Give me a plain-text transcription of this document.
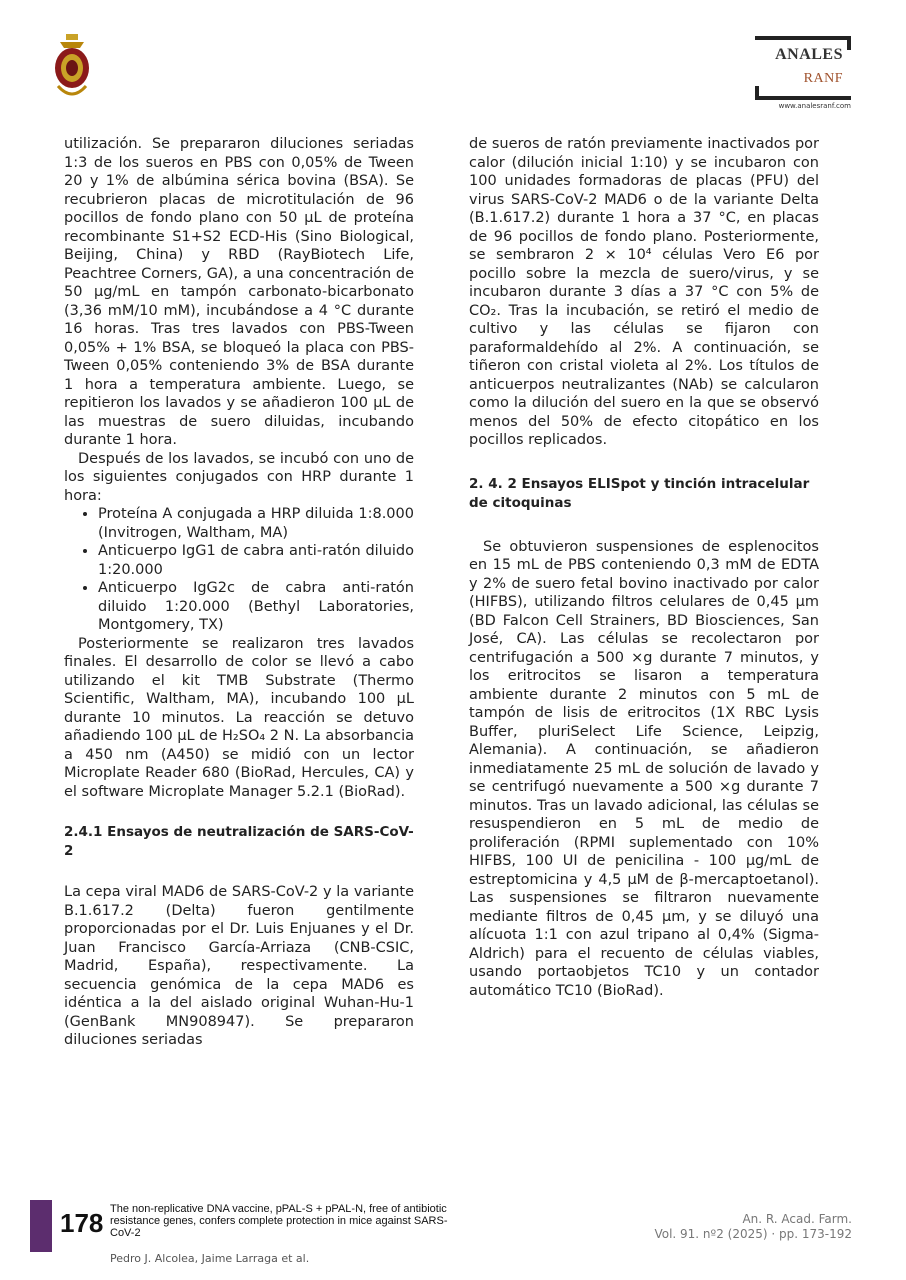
ANALES
RANF
www.analesranf.com

utilización. Se prepararon diluciones seriadas 1:3 de los sueros en PBS con 0,05% de Tween 20 y 1% de albúmina sérica bovina (BSA). Se recubrieron placas de microtitulación de 96 pocillos de fondo plano con 50 µL de proteína recombinante S1+S2 ECD-His (Sino Biological, Beijing, China) y RBD (RayBiotech Life, Peachtree Corners, GA), a una concentración de 50 µg/mL en tampón carbonato-bicarbonato (3,36 mM/10 mM), incubándose a 4 °C durante 16 horas. Tras tres lavados con PBS-Tween 0,05% + 1% BSA, se bloqueó la placa con PBS-Tween 0,05% conteniendo 3% de BSA durante 1 hora a temperatura ambiente. Luego, se repitieron los lavados y se añadieron 100 µL de las muestras de suero diluidas, incubando durante 1 hora.

Después de los lavados, se incubó con uno de los siguientes conjugados con HRP durante 1 hora:

• Proteína A conjugada a HRP diluida 1:8.000 (Invitrogen, Waltham, MA)
• Anticuerpo IgG1 de cabra anti-ratón diluido 1:20.000
• Anticuerpo IgG2c de cabra anti-ratón diluido 1:20.000 (Bethyl Laboratories, Montgomery, TX)

Posteriormente se realizaron tres lavados finales. El desarrollo de color se llevó a cabo utilizando el kit TMB Substrate (Thermo Scientific, Waltham, MA), incubando 100 µL durante 10 minutos. La reacción se detuvo añadiendo 100 µL de H₂SO₄ 2 N. La absorbancia a 450 nm (A450) se midió con un lector Microplate Reader 680 (BioRad, Hercules, CA) y el software Microplate Manager 5.2.1 (BioRad).

2.4.1 Ensayos de neutralización de SARS-CoV-2

La cepa viral MAD6 de SARS-CoV-2 y la variante B.1.617.2 (Delta) fueron gentilmente proporcionadas por el Dr. Luis Enjuanes y el Dr. Juan Francisco García-Arriaza (CNB-CSIC, Madrid, España), respectivamente. La secuencia genómica de la cepa MAD6 es idéntica a la del aislado original Wuhan-Hu-1 (GenBank MN908947). Se prepararon diluciones seriadas

de sueros de ratón previamente inactivados por calor (dilución inicial 1:10) y se incubaron con 100 unidades formadoras de placas (PFU) del virus SARS-CoV-2 MAD6 o de la variante Delta (B.1.617.2) durante 1 hora a 37 °C, en placas de 96 pocillos de fondo plano. Posteriormente, se sembraron 2 × 10⁴ células Vero E6 por pocillo sobre la mezcla de suero/virus, y se incubaron durante 3 días a 37 °C con 5% de CO₂. Tras la incubación, se retiró el medio de cultivo y las células se fijaron con paraformaldehído al 2%. A continuación, se tiñeron con cristal violeta al 2%. Los títulos de anticuerpos neutralizantes (NAb) se calcularon como la dilución del suero en la que se observó menos del 50% de efecto citopático en los pocillos replicados.

2. 4. 2 Ensayos ELISpot y tinción intracelular de citoquinas

Se obtuvieron suspensiones de esplenocitos en 15 mL de PBS conteniendo 0,3 mM de EDTA y 2% de suero fetal bovino inactivado por calor (HIFBS), utilizando filtros celulares de 0,45 µm (BD Falcon Cell Strainers, BD Biosciences, San José, CA). Las células se recolectaron por centrifugación a 500 ×g durante 7 minutos, y los eritrocitos se lisaron a temperatura ambiente durante 2 minutos con 5 mL de tampón de lisis de eritrocitos (1X RBC Lysis Buffer, pluriSelect Life Science, Leipzig, Alemania). A continuación, se añadieron inmediatamente 25 mL de solución de lavado y se centrifugó nuevamente a 500 ×g durante 7 minutos. Tras un lavado adicional, las células se resuspendieron en 5 mL de medio de proliferación (RPMI suplementado con 10% HIFBS, 100 UI de penicilina - 100 µg/mL de estreptomicina y 4,5 µM de β-mercaptoetanol). Las suspensiones se filtraron nuevamente mediante filtros de 0,45 µm, y se diluyó una alícuota 1:1 con azul tripano al 0,4% (Sigma-Aldrich) para el recuento de células viables, usando portaobjetos TC10 y un contador automático TC10 (BioRad).

178 The non-replicative DNA vaccine, pPAL-S + pPAL-N, free of antibiotic resistance genes, confers complete protection in mice against SARS-CoV-2
Pedro J. Alcolea, Jaime Larraga et al.
An. R. Acad. Farm.
Vol. 91. nº2 (2025) · pp. 173-192
